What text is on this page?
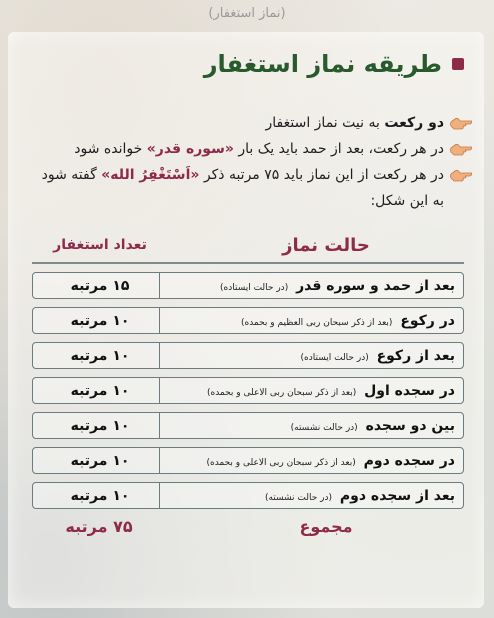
(نماز استغفار)
طریقه نماز استغفار
دو رکعت به نیت نماز استغفار
در هر رکعت، بعد از حمد باید یک بار «سوره قدر» خوانده شود
در هر رکعت از این نماز باید ۷۵ مرتبه ذکر «اَسْتَغْفِرُ الله» گفته شود
به این شکل:
حالت نماز
تعداد استغفار
بعد از حمد و سوره قدر (در حالت ایستاده)
۱۵ مرتبه
در رکوع (بعد از ذکر سبحان ربی العظیم و بحمده)
۱۰ مرتبه
بعد از رکوع (در حالت ایستاده)
۱۰ مرتبه
در سجده اول (بعد از ذکر سبحان ربی الاعلی و بحمده)
۱۰ مرتبه
بین دو سجده (در حالت نشسته)
۱۰ مرتبه
در سجده دوم (بعد از ذکر سبحان ربی الاعلی و بحمده)
۱۰ مرتبه
بعد از سجده دوم (در حالت نشسته)
۱۰ مرتبه
مجموع
۷۵ مرتبه
